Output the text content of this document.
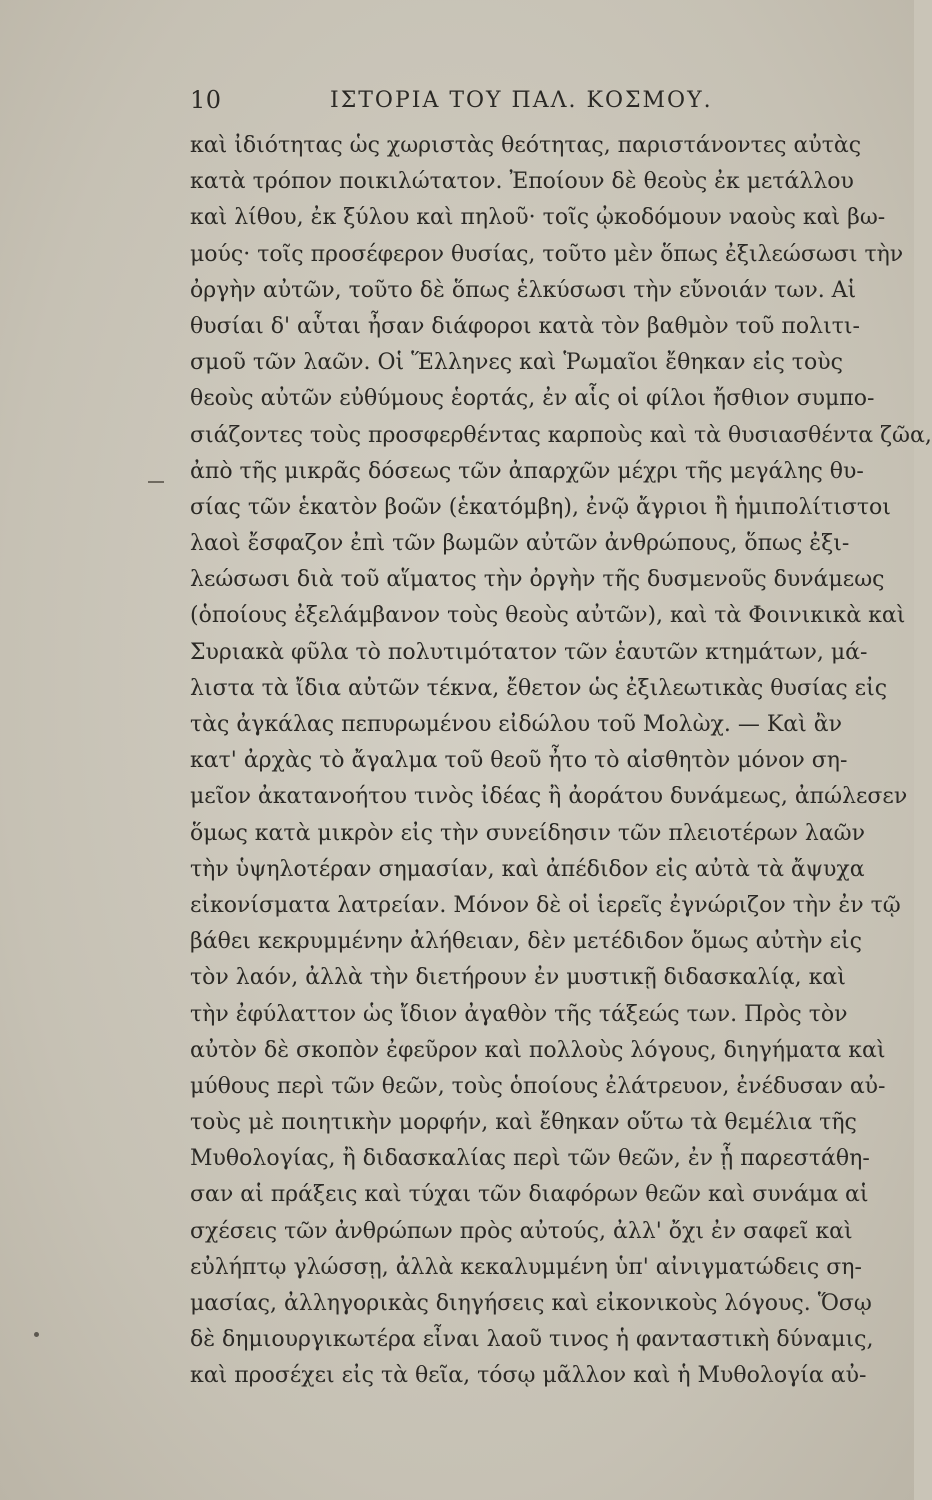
10	ΙΣΤΟΡΙΑ ΤΟΥ ΠΑΛ. ΚΟΣΜΟΥ.
καὶ ἰδιότητας ὡς χωριστὰς θεότητας, παριστάνοντες αὐτὰς
κατὰ τρόπον ποικιλώτατον. Ἐποίουν δὲ θεοὺς ἐκ μετάλλου
καὶ λίθου, ἐκ ξύλου καὶ πηλοῦ· τοῖς ᾠκοδόμουν ναοὺς καὶ βω-
μούς· τοῖς προσέφερον θυσίας, τοῦτο μὲν ὅπως ἐξιλεώσωσι τὴν
ὀργὴν αὐτῶν, τοῦτο δὲ ὅπως ἑλκύσωσι τὴν εὔνοιάν των. Αἱ
θυσίαι δ' αὗται ἦσαν διάφοροι κατὰ τὸν βαθμὸν τοῦ πολιτι-
σμοῦ τῶν λαῶν. Οἱ Ἕλληνες καὶ Ῥωμαῖοι ἔθηκαν εἰς τοὺς
θεοὺς αὐτῶν εὐθύμους ἑορτάς, ἐν αἷς οἱ φίλοι ἤσθιον συμπο-
σιάζοντες τοὺς προσφερθέντας καρποὺς καὶ τὰ θυσιασθέντα ζῶα,
ἀπὸ τῆς μικρᾶς δόσεως τῶν ἀπαρχῶν μέχρι τῆς μεγάλης θυ-
σίας τῶν ἑκατὸν βοῶν (ἑκατόμβη), ἐνῷ ἄγριοι ἢ ἡμιπολίτιστοι
λαοὶ ἔσφαζον ἐπὶ τῶν βωμῶν αὐτῶν ἀνθρώπους, ὅπως ἐξι-
λεώσωσι διὰ τοῦ αἵματος τὴν ὀργὴν τῆς δυσμενοῦς δυνάμεως
(ὁποίους ἐξελάμβανον τοὺς θεοὺς αὐτῶν), καὶ τὰ Φοινικικὰ καὶ
Συριακὰ φῦλα τὸ πολυτιμότατον τῶν ἑαυτῶν κτημάτων, μά-
λιστα τὰ ἴδια αὐτῶν τέκνα, ἔθετον ὡς ἐξιλεωτικὰς θυσίας εἰς
τὰς ἀγκάλας πεπυρωμένου εἰδώλου τοῦ Μολὼχ. — Καὶ ἂν
κατ' ἀρχὰς τὸ ἄγαλμα τοῦ θεοῦ ἦτο τὸ αἰσθητὸν μόνον ση-
μεῖον ἀκατανοήτου τινὸς ἰδέας ἢ ἀοράτου δυνάμεως, ἀπώλεσεν
ὅμως κατὰ μικρὸν εἰς τὴν συνείδησιν τῶν πλειοτέρων λαῶν
τὴν ὑψηλοτέραν σημασίαν, καὶ ἀπέδιδον εἰς αὐτὰ τὰ ἄψυχα
εἰκονίσματα λατρείαν. Μόνον δὲ οἱ ἱερεῖς ἐγνώριζον τὴν ἐν τῷ
βάθει κεκρυμμένην ἀλήθειαν, δὲν μετέδιδον ὅμως αὐτὴν εἰς
τὸν λαόν, ἀλλὰ τὴν διετήρουν ἐν μυστικῇ διδασκαλίᾳ, καὶ
τὴν ἐφύλαττον ὡς ἴδιον ἀγαθὸν τῆς τάξεώς των. Πρὸς τὸν
αὐτὸν δὲ σκοπὸν ἐφεῦρον καὶ πολλοὺς λόγους, διηγήματα καὶ
μύθους περὶ τῶν θεῶν, τοὺς ὁποίους ἐλάτρευον, ἐνέδυσαν αὐ-
τοὺς μὲ ποιητικὴν μορφήν, καὶ ἔθηκαν οὕτω τὰ θεμέλια τῆς
Μυθολογίας, ἢ διδασκαλίας περὶ τῶν θεῶν, ἐν ᾗ παρεστάθη-
σαν αἱ πράξεις καὶ τύχαι τῶν διαφόρων θεῶν καὶ συνάμα αἱ
σχέσεις τῶν ἀνθρώπων πρὸς αὐτούς, ἀλλ' ὄχι ἐν σαφεῖ καὶ
εὐλήπτῳ γλώσσῃ, ἀλλὰ κεκαλυμμένη ὑπ' αἰνιγματώδεις ση-
μασίας, ἀλληγορικὰς διηγήσεις καὶ εἰκονικοὺς λόγους. Ὅσῳ
δὲ δημιουργικωτέρα εἶναι λαοῦ τινος ἡ φανταστικὴ δύναμις,
καὶ προσέχει εἰς τὰ θεῖα, τόσῳ μᾶλλον καὶ ἡ Μυθολογία αὐ-
